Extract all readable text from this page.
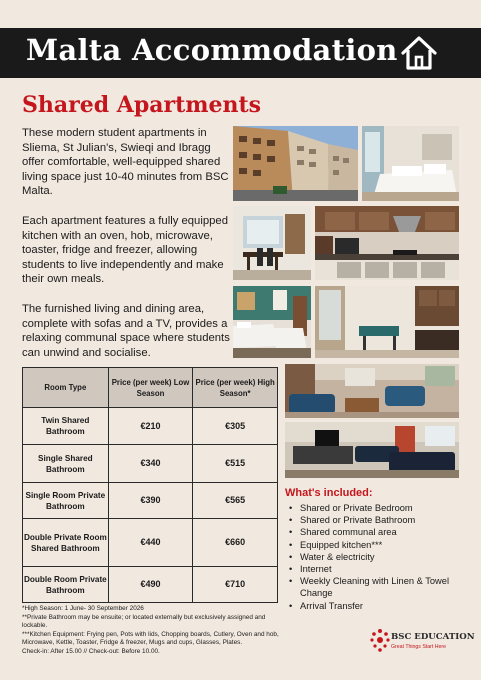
Malta Accommodation
Shared Apartments

These modern student apartments in Sliema, St Julian's, Swieqi and Ibragg offer comfortable, well-equipped shared living space just 10-40 minutes from BSC Malta.

Each apartment features a fully equipped kitchen with an oven, hob, microwave, toaster, fridge and freezer, allowing students to live independently and make their own meals.

The furnished living and dining area, complete with sofas and a TV, provides a relaxing communal space where students can unwind and socialise.

Room Type	Price (per week) Low Season	Price (per week) High Season*
Twin Shared Bathroom	€210	€305
Single Shared Bathroom	€340	€515
Single Room Private Bathroom	€390	€565
Double Private Room Shared Bathroom	€440	€660
Double Room Private Bathroom	€490	€710
What's included:
• Shared or Private Bedroom
• Shared or Private Bathroom
• Shared communal area
• Equipped kitchen***
• Water & electricity
• Internet
• Weekly Cleaning with Linen & Towel Change
• Arrival Transfer
*High Season: 1 June- 30 September 2026
**Private Bathroom may be ensuite; or located externally but exclusively assigned and lockable.
***Kitchen Equipment: Frying pen, Pots with lids, Chopping boards, Cutlery, Oven and hob, Microwave, Kettle, Toaster, Fridge & freezer, Mugs and cups, Glasses, Plates.
Check-in: After 15.00 // Check-out: Before 10.00.
BSC EDUCATION
Great Things Start Here
